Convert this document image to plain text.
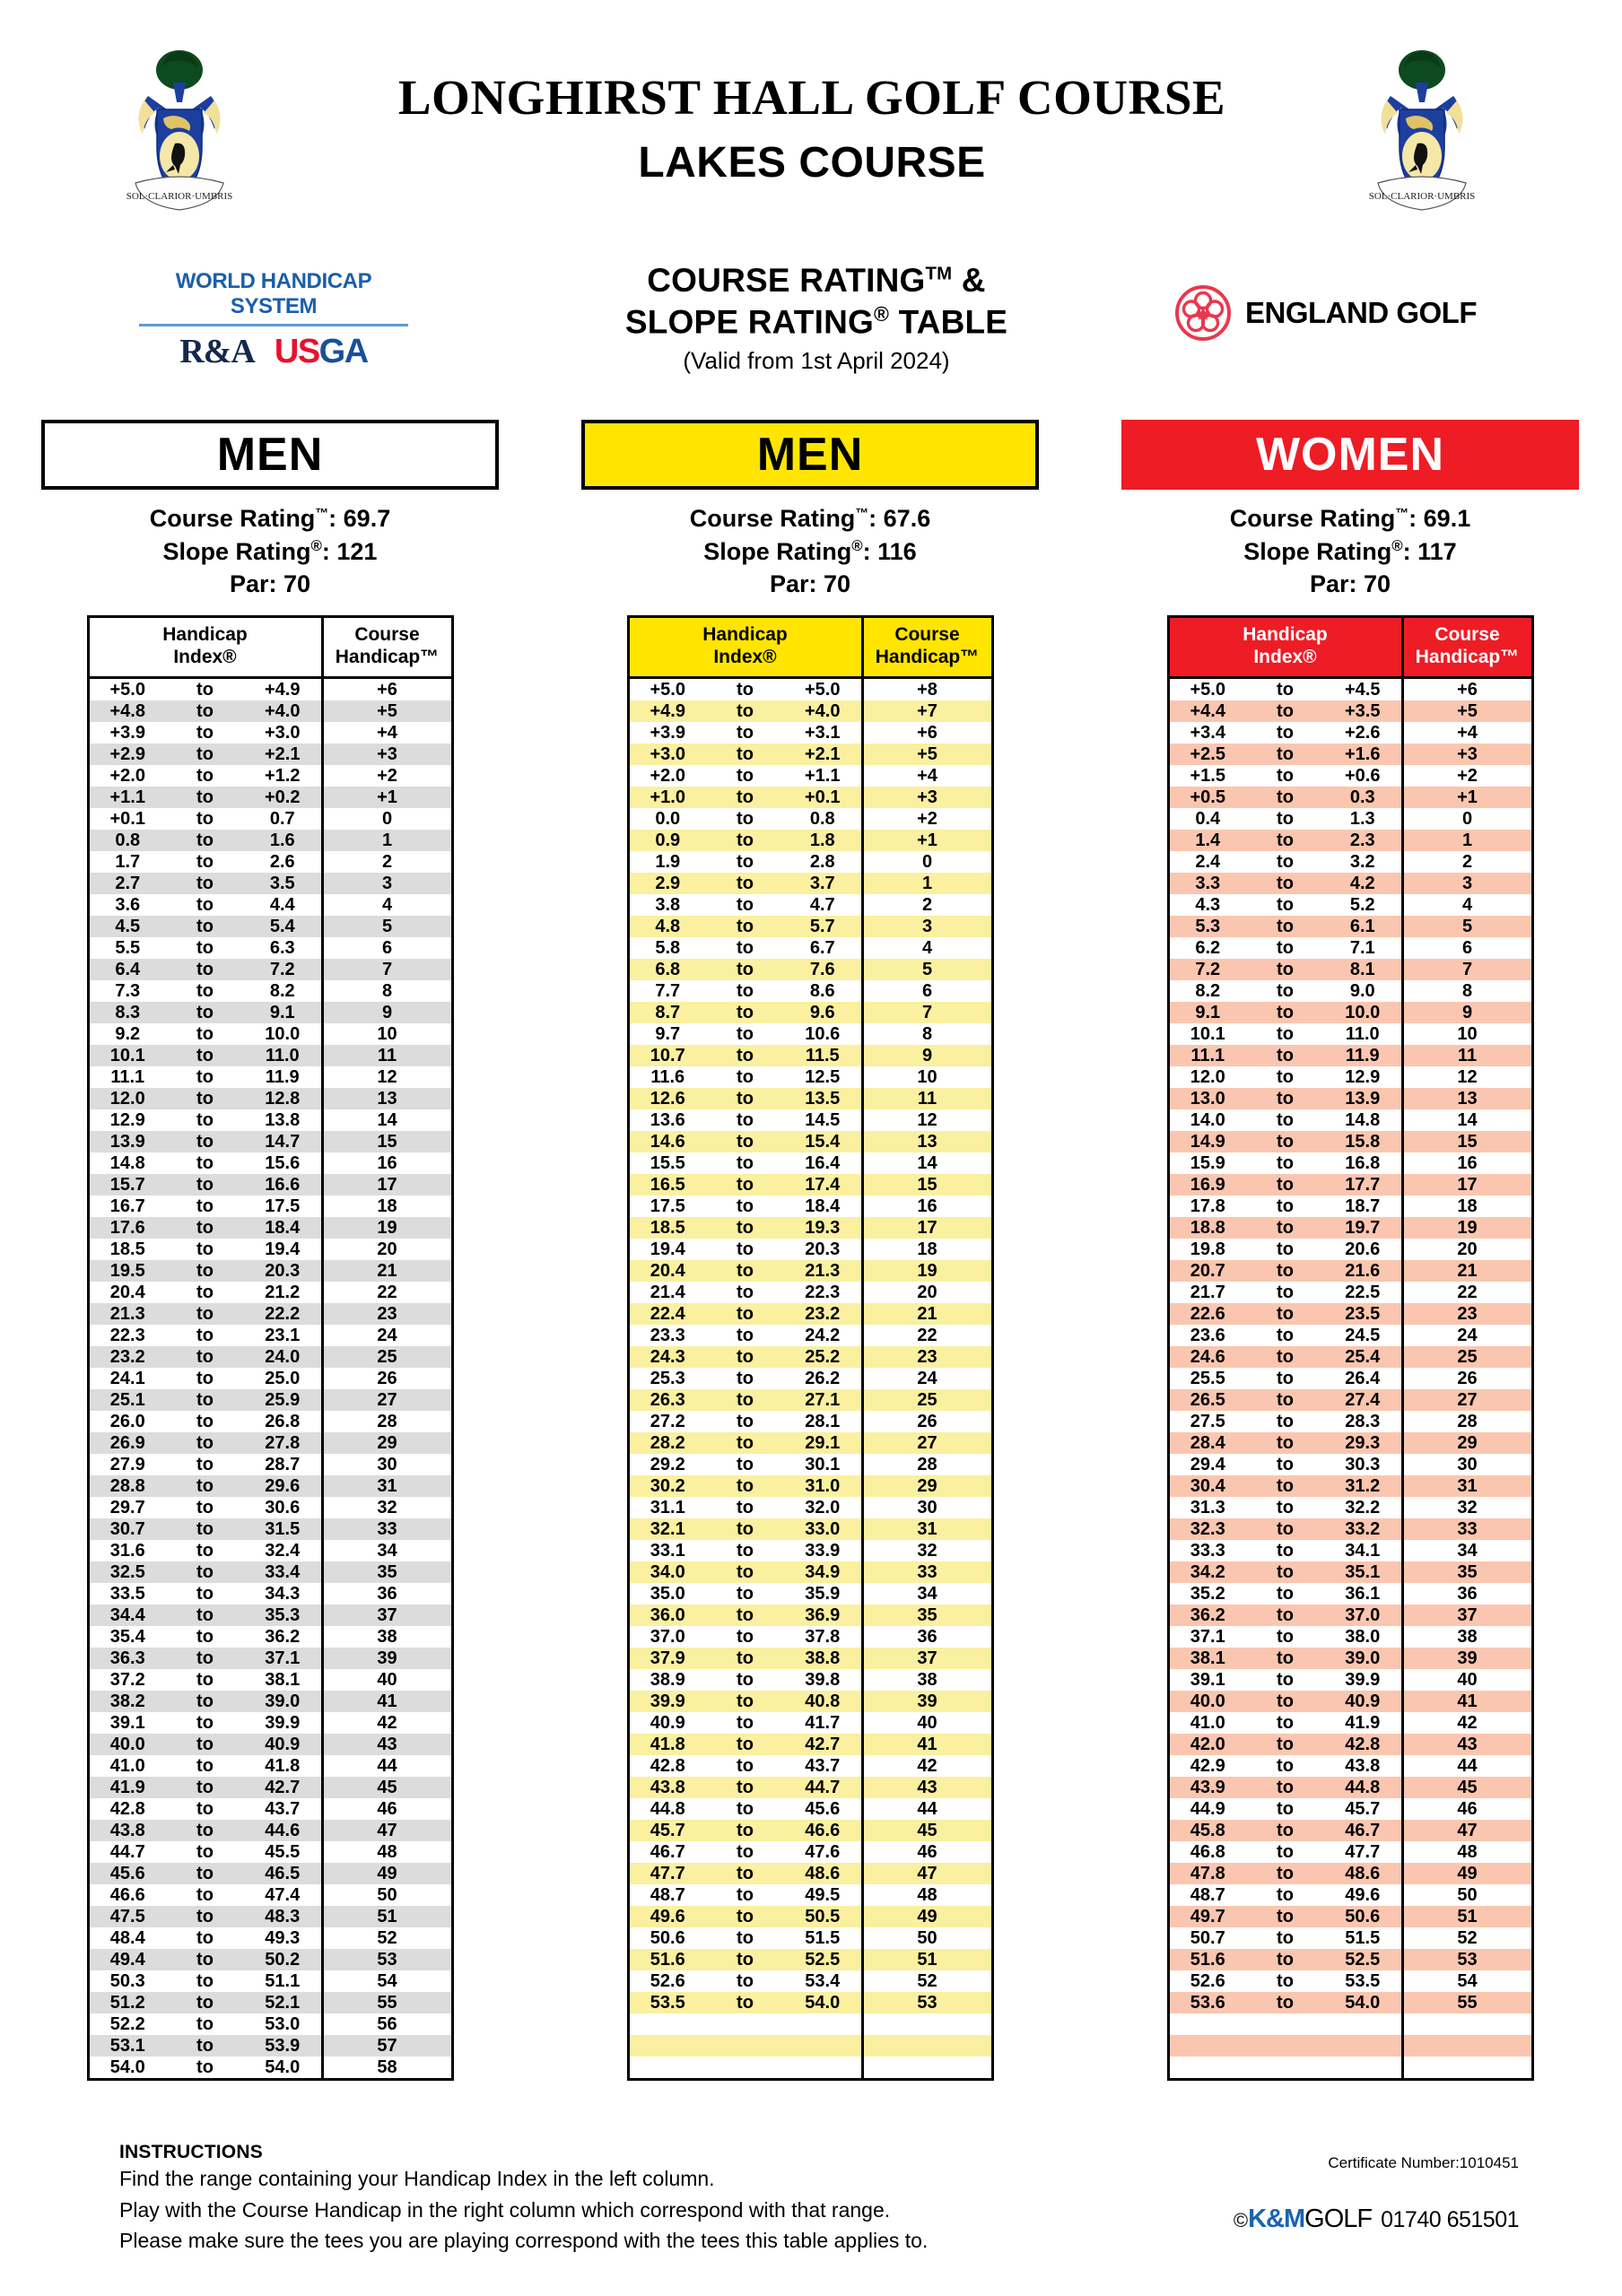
SOL·CLARIOR·UMBRIS	SOL·CLARIOR·UMBRIS
LONGHIRST HALL GOLF COURSE
LAKES COURSE
COURSE RATING™ &
SLOPE RATING® TABLE
(Valid from 1st April 2024)
WORLD HANDICAP SYSTEM
R&A USGA
ENGLAND GOLF
MEN
Course Rating™: 69.7
Slope Rating®: 121
Par: 70
Handicap
Index®			Course
Handicap™
+5.0	to	+4.9	+6
+4.8	to	+4.0	+5
+3.9	to	+3.0	+4
+2.9	to	+2.1	+3
+2.0	to	+1.2	+2
+1.1	to	+0.2	+1
+0.1	to	0.7	0
0.8	to	1.6	1
1.7	to	2.6	2
2.7	to	3.5	3
3.6	to	4.4	4
4.5	to	5.4	5
5.5	to	6.3	6
6.4	to	7.2	7
7.3	to	8.2	8
8.3	to	9.1	9
9.2	to	10.0	10
10.1	to	11.0	11
11.1	to	11.9	12
12.0	to	12.8	13
12.9	to	13.8	14
13.9	to	14.7	15
14.8	to	15.6	16
15.7	to	16.6	17
16.7	to	17.5	18
17.6	to	18.4	19
18.5	to	19.4	20
19.5	to	20.3	21
20.4	to	21.2	22
21.3	to	22.2	23
22.3	to	23.1	24
23.2	to	24.0	25
24.1	to	25.0	26
25.1	to	25.9	27
26.0	to	26.8	28
26.9	to	27.8	29
27.9	to	28.7	30
28.8	to	29.6	31
29.7	to	30.6	32
30.7	to	31.5	33
31.6	to	32.4	34
32.5	to	33.4	35
33.5	to	34.3	36
34.4	to	35.3	37
35.4	to	36.2	38
36.3	to	37.1	39
37.2	to	38.1	40
38.2	to	39.0	41
39.1	to	39.9	42
40.0	to	40.9	43
41.0	to	41.8	44
41.9	to	42.7	45
42.8	to	43.7	46
43.8	to	44.6	47
44.7	to	45.5	48
45.6	to	46.5	49
46.6	to	47.4	50
47.5	to	48.3	51
48.4	to	49.3	52
49.4	to	50.2	53
50.3	to	51.1	54
51.2	to	52.1	55
52.2	to	53.0	56
53.1	to	53.9	57
54.0	to	54.0	58
MEN
Course Rating™: 67.6
Slope Rating®: 116
Par: 70
Handicap
Index®			Course
Handicap™
+5.0	to	+5.0	+8
+4.9	to	+4.0	+7
+3.9	to	+3.1	+6
+3.0	to	+2.1	+5
+2.0	to	+1.1	+4
+1.0	to	+0.1	+3
0.0	to	0.8	+2
0.9	to	1.8	+1
1.9	to	2.8	0
2.9	to	3.7	1
3.8	to	4.7	2
4.8	to	5.7	3
5.8	to	6.7	4
6.8	to	7.6	5
7.7	to	8.6	6
8.7	to	9.6	7
9.7	to	10.6	8
10.7	to	11.5	9
11.6	to	12.5	10
12.6	to	13.5	11
13.6	to	14.5	12
14.6	to	15.4	13
15.5	to	16.4	14
16.5	to	17.4	15
17.5	to	18.4	16
18.5	to	19.3	17
19.4	to	20.3	18
20.4	to	21.3	19
21.4	to	22.3	20
22.4	to	23.2	21
23.3	to	24.2	22
24.3	to	25.2	23
25.3	to	26.2	24
26.3	to	27.1	25
27.2	to	28.1	26
28.2	to	29.1	27
29.2	to	30.1	28
30.2	to	31.0	29
31.1	to	32.0	30
32.1	to	33.0	31
33.1	to	33.9	32
34.0	to	34.9	33
35.0	to	35.9	34
36.0	to	36.9	35
37.0	to	37.8	36
37.9	to	38.8	37
38.9	to	39.8	38
39.9	to	40.8	39
40.9	to	41.7	40
41.8	to	42.7	41
42.8	to	43.7	42
43.8	to	44.7	43
44.8	to	45.6	44
45.7	to	46.6	45
46.7	to	47.6	46
47.7	to	48.6	47
48.7	to	49.5	48
49.6	to	50.5	49
50.6	to	51.5	50
51.6	to	52.5	51
52.6	to	53.4	52
53.5	to	54.0	53

WOMEN
Course Rating™: 69.1
Slope Rating®: 117
Par: 70
Handicap
Index®			Course
Handicap™
+5.0	to	+4.5	+6
+4.4	to	+3.5	+5
+3.4	to	+2.6	+4
+2.5	to	+1.6	+3
+1.5	to	+0.6	+2
+0.5	to	0.3	+1
0.4	to	1.3	0
1.4	to	2.3	1
2.4	to	3.2	2
3.3	to	4.2	3
4.3	to	5.2	4
5.3	to	6.1	5
6.2	to	7.1	6
7.2	to	8.1	7
8.2	to	9.0	8
9.1	to	10.0	9
10.1	to	11.0	10
11.1	to	11.9	11
12.0	to	12.9	12
13.0	to	13.9	13
14.0	to	14.8	14
14.9	to	15.8	15
15.9	to	16.8	16
16.9	to	17.7	17
17.8	to	18.7	18
18.8	to	19.7	19
19.8	to	20.6	20
20.7	to	21.6	21
21.7	to	22.5	22
22.6	to	23.5	23
23.6	to	24.5	24
24.6	to	25.4	25
25.5	to	26.4	26
26.5	to	27.4	27
27.5	to	28.3	28
28.4	to	29.3	29
29.4	to	30.3	30
30.4	to	31.2	31
31.3	to	32.2	32
32.3	to	33.2	33
33.3	to	34.1	34
34.2	to	35.1	35
35.2	to	36.1	36
36.2	to	37.0	37
37.1	to	38.0	38
38.1	to	39.0	39
39.1	to	39.9	40
40.0	to	40.9	41
41.0	to	41.9	42
42.0	to	42.8	43
42.9	to	43.8	44
43.9	to	44.8	45
44.9	to	45.7	46
45.8	to	46.7	47
46.8	to	47.7	48
47.8	to	48.6	49
48.7	to	49.6	50
49.7	to	50.6	51
50.7	to	51.5	52
51.6	to	52.5	53
52.6	to	53.5	54
53.6	to	54.0	55

INSTRUCTIONS
Find the range containing your Handicap Index in the left column.
Play with the Course Handicap in the right column which correspond with that range.
Please make sure the tees you are playing correspond with the tees this table applies to.
Certificate Number:1010451
©K&MGOLF 01740 651501
